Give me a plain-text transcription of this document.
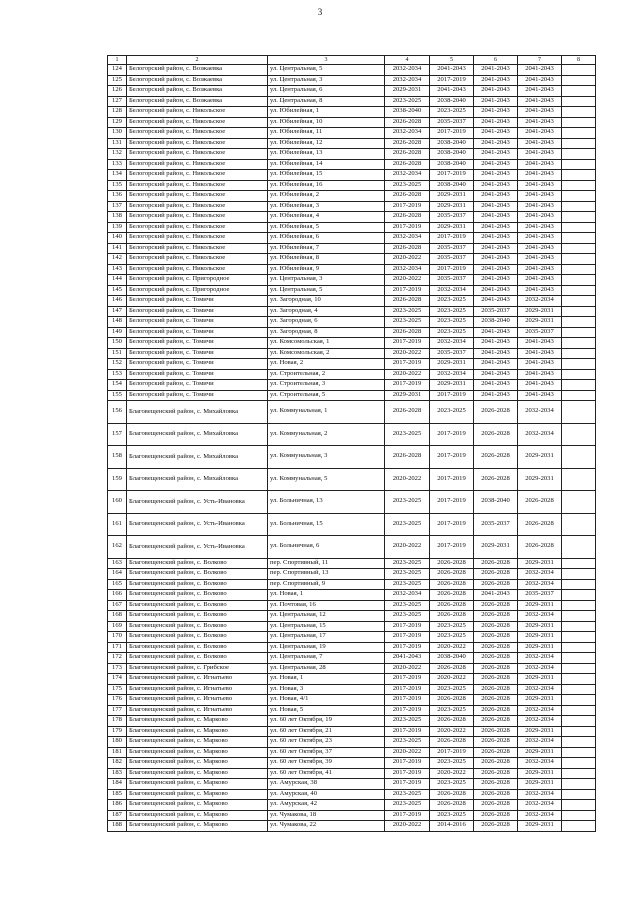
3
1	2	3	4	5	6	7	8
124	Белогорский район, с. Возжаевка	ул. Центральная, 5	2032-2034	2041-2043	2041-2043	2041-2043	
125	Белогорский район, с. Возжаевка	ул. Центральная, 3	2032-2034	2017-2019	2041-2043	2041-2043	
126	Белогорский район, с. Возжаевка	ул. Центральная, 6	2029-2031	2041-2043	2041-2043	2041-2043	
127	Белогорский район, с. Возжаевка	ул. Центральная, 8	2023-2025	2038-2040	2041-2043	2041-2043	
128	Белогорский район, с. Никольское	ул. Юбилейная, 1	2038-2040	2023-2025	2041-2043	2041-2043	
129	Белогорский район, с. Никольское	ул. Юбилейная, 10	2026-2028	2035-2037	2041-2043	2041-2043	
130	Белогорский район, с. Никольское	ул. Юбилейная, 11	2032-2034	2017-2019	2041-2043	2041-2043	
131	Белогорский район, с. Никольское	ул. Юбилейная, 12	2026-2028	2038-2040	2041-2043	2041-2043	
132	Белогорский район, с. Никольское	ул. Юбилейная, 13	2026-2028	2038-2040	2041-2043	2041-2043	
133	Белогорский район, с. Никольское	ул. Юбилейная, 14	2026-2028	2038-2040	2041-2043	2041-2043	
134	Белогорский район, с. Никольское	ул. Юбилейная, 15	2032-2034	2017-2019	2041-2043	2041-2043	
135	Белогорский район, с. Никольское	ул. Юбилейная, 16	2023-2025	2038-2040	2041-2043	2041-2043	
136	Белогорский район, с. Никольское	ул. Юбилейная, 2	2026-2028	2029-2031	2041-2043	2041-2043	
137	Белогорский район, с. Никольское	ул. Юбилейная, 3	2017-2019	2029-2031	2041-2043	2041-2043	
138	Белогорский район, с. Никольское	ул. Юбилейная, 4	2026-2028	2035-2037	2041-2043	2041-2043	
139	Белогорский район, с. Никольское	ул. Юбилейная, 5	2017-2019	2029-2031	2041-2043	2041-2043	
140	Белогорский район, с. Никольское	ул. Юбилейная, 6	2032-2034	2017-2019	2041-2043	2041-2043	
141	Белогорский район, с. Никольское	ул. Юбилейная, 7	2026-2028	2035-2037	2041-2043	2041-2043	
142	Белогорский район, с. Никольское	ул. Юбилейная, 8	2020-2022	2035-2037	2041-2043	2041-2043	
143	Белогорский район, с. Никольское	ул. Юбилейная, 9	2032-2034	2017-2019	2041-2043	2041-2043	
144	Белогорский район, с. Пригородное	ул. Центральная, 3	2020-2022	2035-2037	2041-2043	2041-2043	
145	Белогорский район, с. Пригородное	ул. Центральная, 5	2017-2019	2032-2034	2041-2043	2041-2043	
146	Белогорский район, с. Томичи	ул. Загородная, 10	2026-2028	2023-2025	2041-2043	2032-2034	
147	Белогорский район, с. Томичи	ул. Загородная, 4	2023-2025	2023-2025	2035-2037	2029-2031	
148	Белогорский район, с. Томичи	ул. Загородная, 6	2023-2025	2023-2025	2038-2040	2029-2031	
149	Белогорский район, с. Томичи	ул. Загородная, 8	2026-2028	2023-2025	2041-2043	2035-2037	
150	Белогорский район, с. Томичи	ул. Комсомольская, 1	2017-2019	2032-2034	2041-2043	2041-2043	
151	Белогорский район, с. Томичи	ул. Комсомольская, 2	2020-2022	2035-2037	2041-2043	2041-2043	
152	Белогорский район, с. Томичи	ул. Новая, 2	2017-2019	2029-2031	2041-2043	2041-2043	
153	Белогорский район, с. Томичи	ул. Строительная, 2	2020-2022	2032-2034	2041-2043	2041-2043	
154	Белогорский район, с. Томичи	ул. Строительная, 3	2017-2019	2029-2031	2041-2043	2041-2043	
155	Белогорский район, с. Томичи	ул. Строительная, 5	2029-2031	2017-2019	2041-2043	2041-2043	
156	Благовещенский район, с. Михайловка	ул. Коммунальная, 1	2026-2028	2023-2025	2026-2028	2032-2034	
157	Благовещенский район, с. Михайловка	ул. Коммунальная, 2	2023-2025	2017-2019	2026-2028	2032-2034	
158	Благовещенский район, с. Михайловка	ул. Коммунальная, 3	2026-2028	2017-2019	2026-2028	2029-2031	
159	Благовещенский район, с. Михайловка	ул. Коммунальная, 5	2020-2022	2017-2019	2026-2028	2029-2031	
160	Благовещенский район, с. Усть-Ивановка	ул. Больничная, 13	2023-2025	2017-2019	2038-2040	2026-2028	
161	Благовещенский район, с. Усть-Ивановка	ул. Больничная, 15	2023-2025	2017-2019	2035-2037	2026-2028	
162	Благовещенский район, с. Усть-Ивановка	ул. Больничная, 6	2020-2022	2017-2019	2029-2031	2026-2028	
163	Благовещенский район, с. Волково	пер. Спортивный, 11	2023-2025	2026-2028	2026-2028	2029-2031	
164	Благовещенский район, с. Волково	пер. Спортивный, 13	2023-2025	2026-2028	2026-2028	2032-2034	
165	Благовещенский район, с. Волково	пер. Спортивный, 9	2023-2025	2026-2028	2026-2028	2032-2034	
166	Благовещенский район, с. Волково	ул. Новая, 1	2032-2034	2026-2028	2041-2043	2035-2037	
167	Благовещенский район, с. Волково	ул. Почтовая, 16	2023-2025	2026-2028	2026-2028	2029-2031	
168	Благовещенский район, с. Волково	ул. Центральная, 12	2023-2025	2026-2028	2026-2028	2032-2034	
169	Благовещенский район, с. Волково	ул. Центральная, 15	2017-2019	2023-2025	2026-2028	2029-2031	
170	Благовещенский район, с. Волково	ул. Центральная, 17	2017-2019	2023-2025	2026-2028	2029-2031	
171	Благовещенский район, с. Волково	ул. Центральная, 19	2017-2019	2020-2022	2026-2028	2029-2031	
172	Благовещенский район, с. Волково	ул. Центральная, 7	2041-2043	2038-2040	2026-2028	2032-2034	
173	Благовещенский район, с. Грибское	ул. Центральная, 28	2020-2022	2026-2028	2026-2028	2032-2034	
174	Благовещенский район, с. Игнатьево	ул. Новая, 1	2017-2019	2020-2022	2026-2028	2029-2031	
175	Благовещенский район, с. Игнатьево	ул. Новая, 3	2017-2019	2023-2025	2026-2028	2032-2034	
176	Благовещенский район, с. Игнатьево	ул. Новая, 4/1	2017-2019	2026-2028	2026-2028	2029-2031	
177	Благовещенский район, с. Игнатьево	ул. Новая, 5	2017-2019	2023-2025	2026-2028	2032-2034	
178	Благовещенский район, с. Марково	ул. 60 лет Октября, 19	2023-2025	2026-2028	2026-2028	2032-2034	
179	Благовещенский район, с. Марково	ул. 60 лет Октября, 21	2017-2019	2020-2022	2026-2028	2029-2031	
180	Благовещенский район, с. Марково	ул. 60 лет Октября, 23	2023-2025	2026-2028	2026-2028	2032-2034	
181	Благовещенский район, с. Марково	ул. 60 лет Октября, 37	2020-2022	2017-2019	2026-2028	2029-2031	
182	Благовещенский район, с. Марково	ул. 60 лет Октября, 39	2017-2019	2023-2025	2026-2028	2032-2034	
183	Благовещенский район, с. Марково	ул. 60 лет Октября, 41	2017-2019	2020-2022	2026-2028	2029-2031	
184	Благовещенский район, с. Марково	ул. Амурская, 38	2017-2019	2023-2025	2026-2028	2029-2031	
185	Благовещенский район, с. Марково	ул. Амурская, 40	2023-2025	2026-2028	2026-2028	2032-2034	
186	Благовещенский район, с. Марково	ул. Амурская, 42	2023-2025	2026-2028	2026-2028	2032-2034	
187	Благовещенский район, с. Марково	ул. Чумакова, 18	2017-2019	2023-2025	2026-2028	2032-2034	
188	Благовещенский район, с. Марково	ул. Чумакова, 22	2020-2022	2014-2016	2026-2028	2029-2031	
